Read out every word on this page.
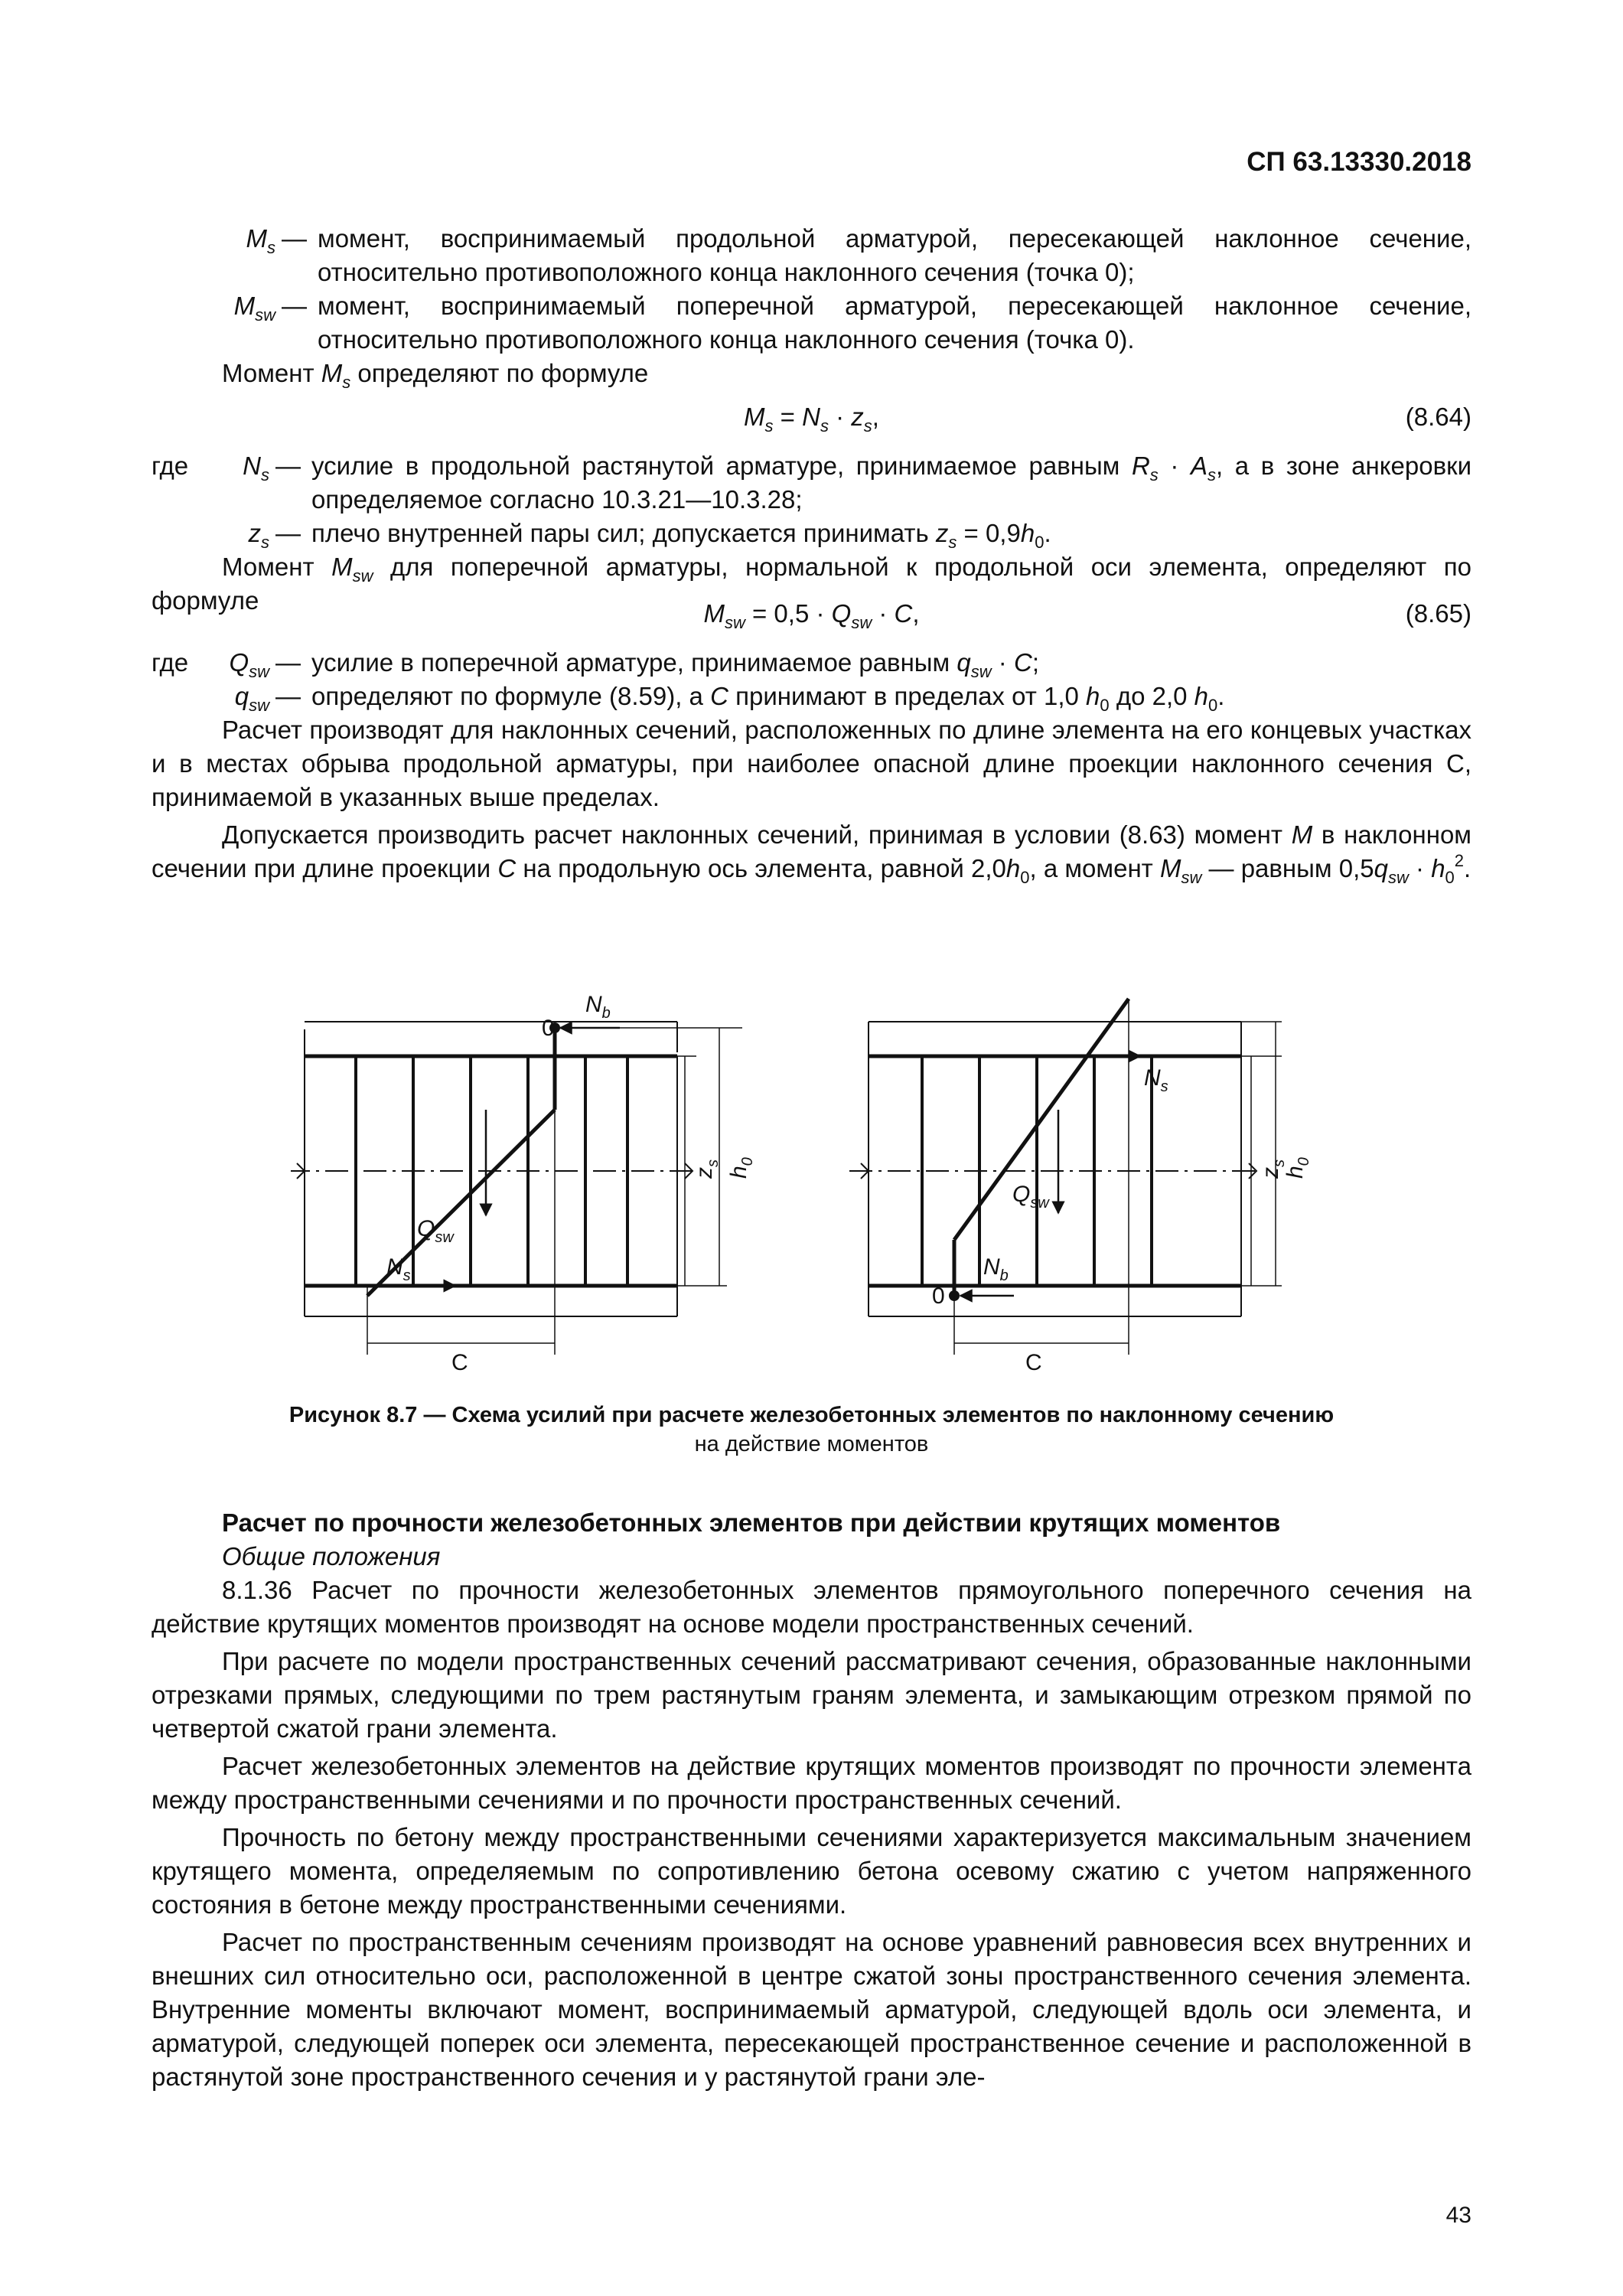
СП 63.13330.2018
$M_s$ — момент, воспринимаемый продольной арматурой, пересекающей наклонное сечение, относительно противоположного конца наклонного сечения (точка 0);
$M_{sw}$ — момент, воспринимаемый поперечной арматурой, пересекающей наклонное сечение, относительно противоположного конца наклонного сечения (точка 0).

Момент $M_s$ определяют по формуле

$M_s = N_s \cdot z_s$,	(8.64)
где	$N_s$ — усилие в продольной растянутой арматуре, принимаемое равным $R_s \cdot A_s$, а в зоне анкеровки определяемое согласно 10.3.21—10.3.28;
$z_s$ — плечо внутренней пары сил; допускается принимать $z_s = 0,9h_0$.

Момент $M_{sw}$ для поперечной арматуры, нормальной к продольной оси элемента, определяют по формуле	$M_{sw} = 0,5 \cdot Q_{sw} \cdot C$,	(8.65)
где	$Q_{sw}$ — усилие в поперечной арматуре, принимаемое равным $q_{sw} \cdot C$;
$q_{sw}$ — определяют по формуле (8.59), а C принимают в пределах от 1,0 $h_0$ до 2,0 $h_0$.

Расчет производят для наклонных сечений, расположенных по длине элемента на его концевых участках и в местах обрыва продольной арматуры, при наиболее опасной длине проекции наклонного сечения C, принимаемой в указанных выше пределах.

Допускается производить расчет наклонных сечений, принимая в условии (8.63) момент M в наклонном сечении при длине проекции C на продольную ось элемента, равной $2,0h_0$, а момент $M_{sw}$ — равным $0,5q_{sw} \cdot h_0^2$.

0
$N_b$
$Q_{sw}$
$N_s$
C
$z_s$
$h_0$
$N_s$
$Q_{sw}$
$N_b$
0
C
$z_s$
$h_0$
Рисунок 8.7 — Схема усилий при расчете железобетонных элементов по наклонному сечению
на действие моментов

Расчет по прочности железобетонных элементов при действии крутящих моментов

Общие положения

8.1.36 Расчет по прочности железобетонных элементов прямоугольного поперечного сечения на действие крутящих моментов производят на основе модели пространственных сечений.

При расчете по модели пространственных сечений рассматривают сечения, образованные наклонными отрезками прямых, следующими по трем растянутым граням элемента, и замыкающим отрезком прямой по четвертой сжатой грани элемента.

Расчет железобетонных элементов на действие крутящих моментов производят по прочности элемента между пространственными сечениями и по прочности пространственных сечений.

Прочность по бетону между пространственными сечениями характеризуется максимальным значением крутящего момента, определяемым по сопротивлению бетона осевому сжатию с учетом напряженного состояния в бетоне между пространственными сечениями.

Расчет по пространственным сечениям производят на основе уравнений равновесия всех внутренних и внешних сил относительно оси, расположенной в центре сжатой зоны пространственного сечения элемента. Внутренние моменты включают момент, воспринимаемый арматурой, следующей вдоль оси элемента, и арматурой, следующей поперек оси элемента, пересекающей пространственное сечение и расположенной в растянутой зоне пространственного сечения и у растянутой грани эле-

43
